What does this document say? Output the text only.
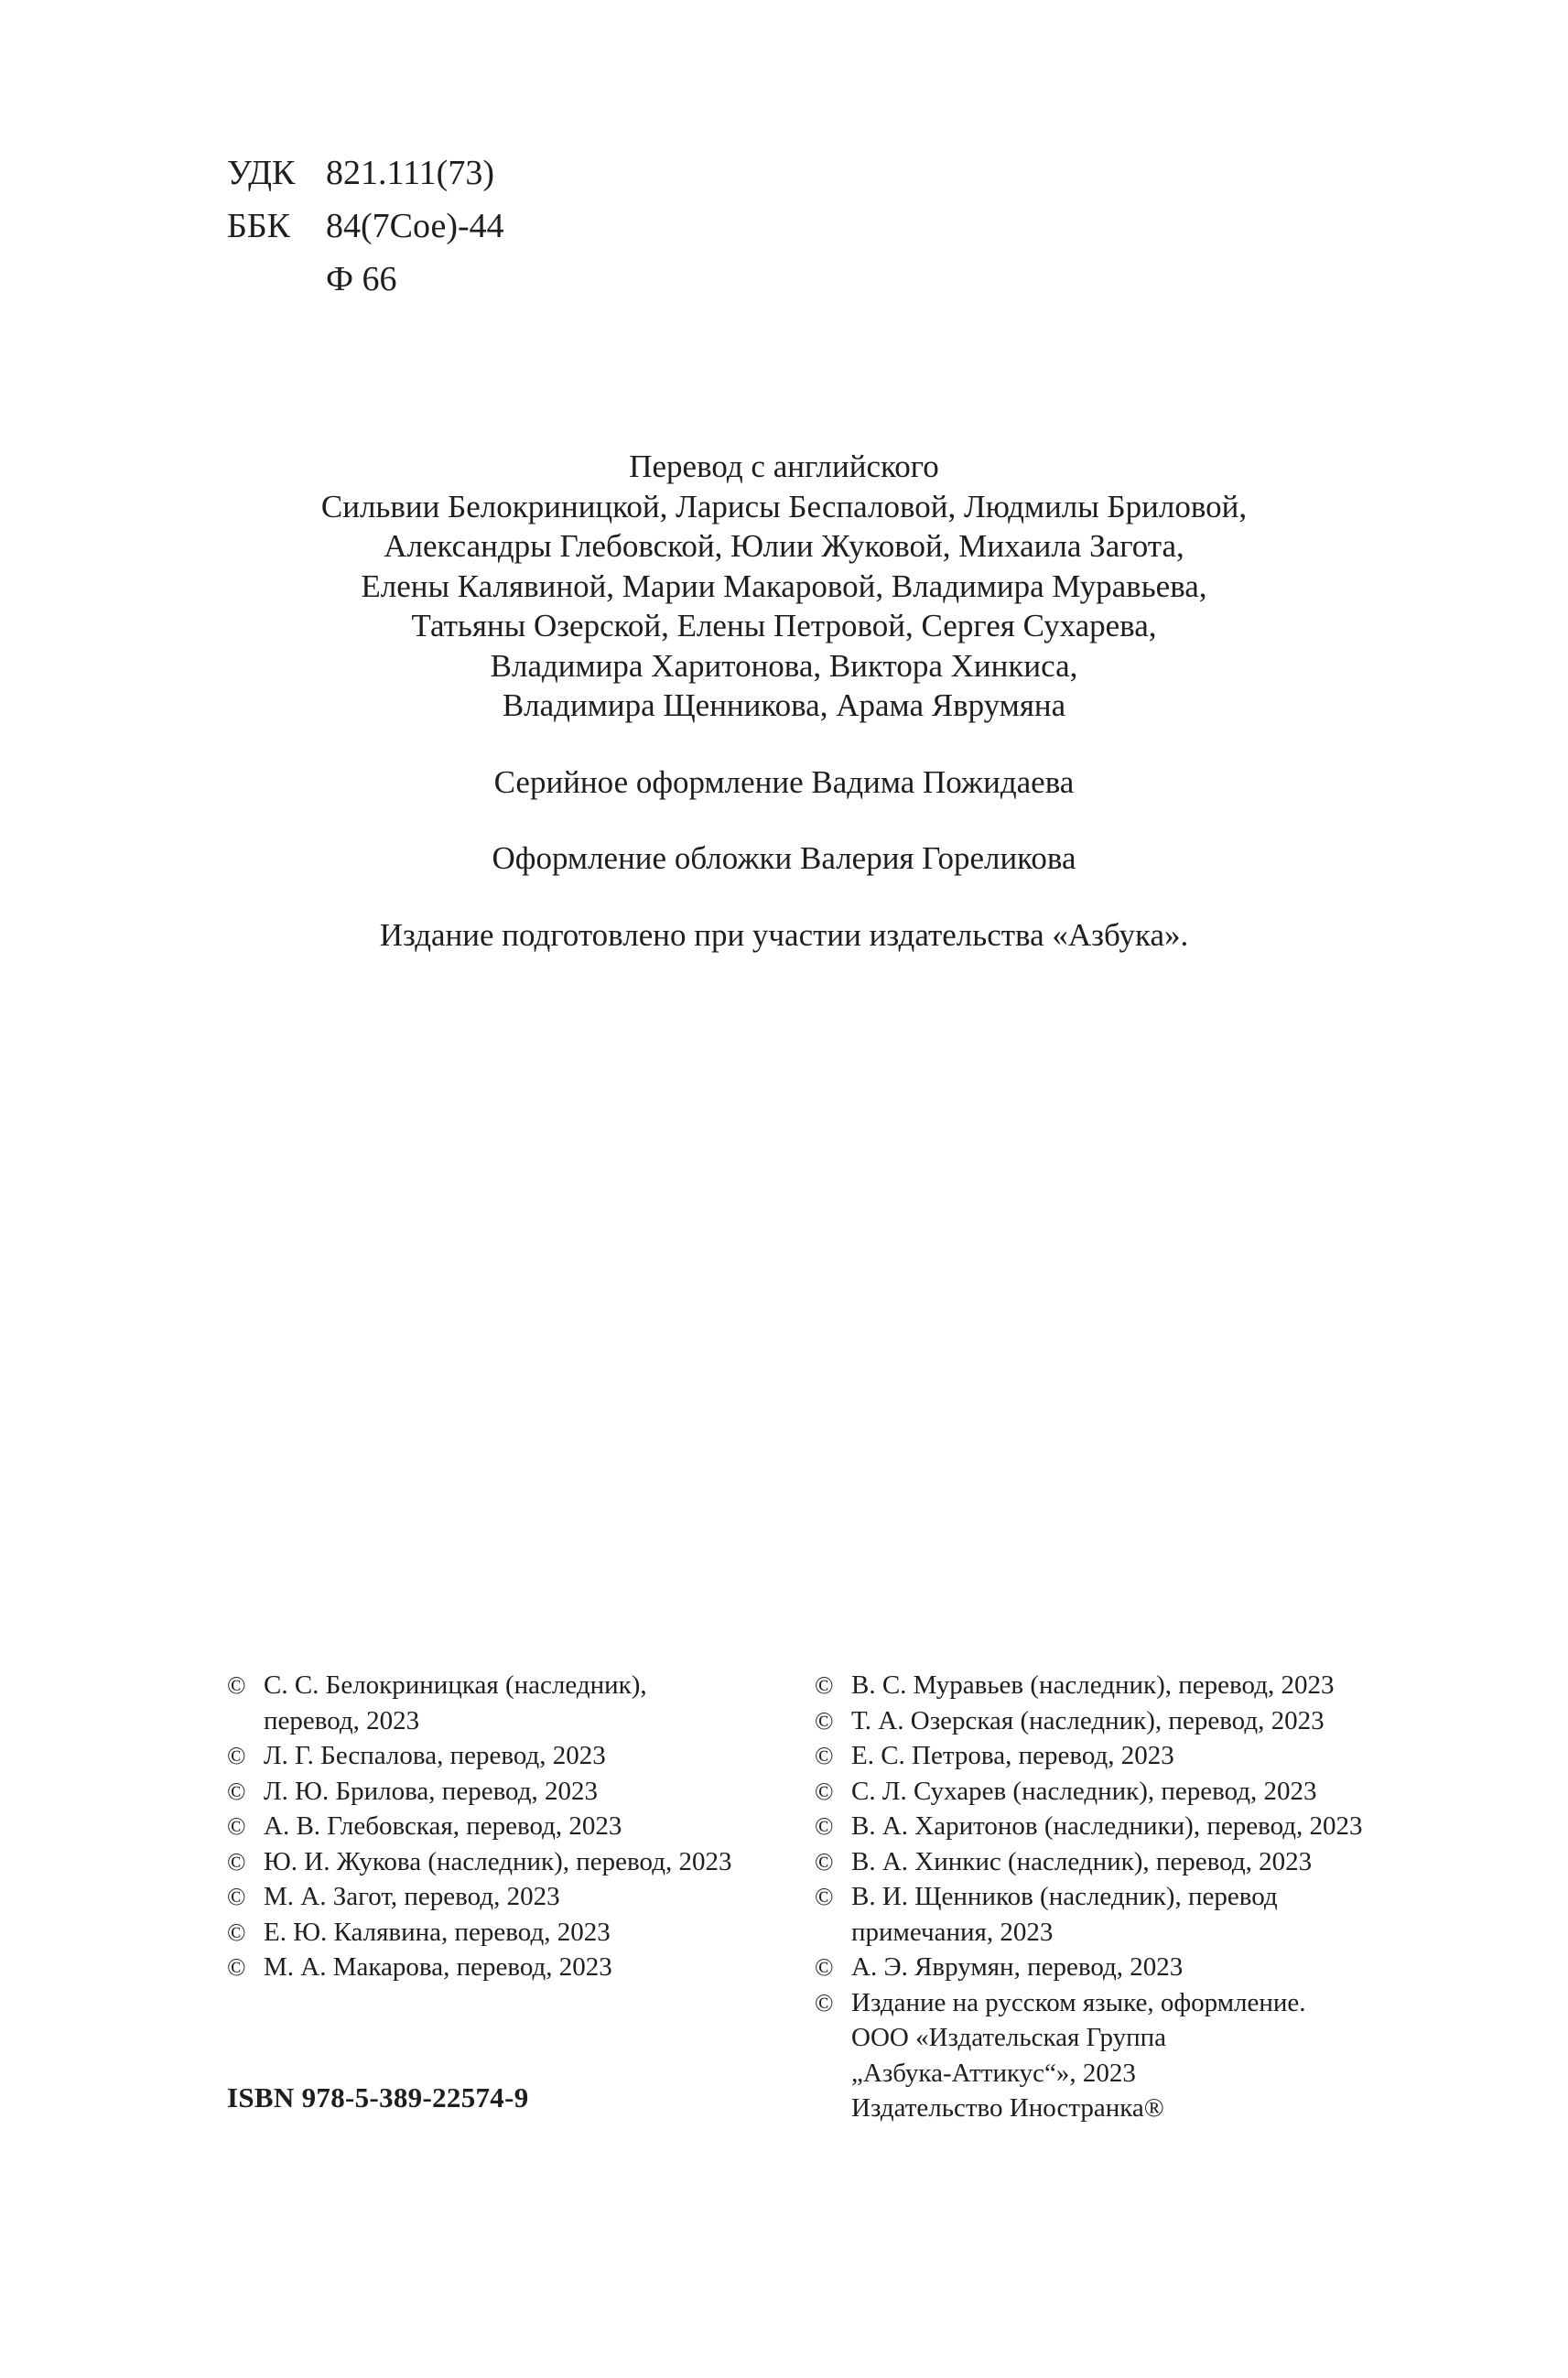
УДК 821.111(73)
ББК 84(7Сое)-44
Ф 66
Перевод с английского
Сильвии Белокриницкой, Ларисы Беспаловой, Людмилы Бриловой,
Александры Глебовской, Юлии Жуковой, Михаила Загота,
Елены Калявиной, Марии Макаровой, Владимира Муравьева,
Татьяны Озерской, Елены Петровой, Сергея Сухарева,
Владимира Харитонова, Виктора Хинкиса,
Владимира Щенникова, Арама Яврумяна
Серийное оформление Вадима Пожидаева
Оформление обложки Валерия Гореликова
Издание подготовлено при участии издательства «Азбука».
© С. С. Белокриницкая (наследник),
перевод, 2023
© Л. Г. Беспалова, перевод, 2023
© Л. Ю. Брилова, перевод, 2023
© А. В. Глебовская, перевод, 2023
© Ю. И. Жукова (наследник), перевод, 2023
© М. А. Загот, перевод, 2023
© Е. Ю. Калявина, перевод, 2023
© М. А. Макарова, перевод, 2023
© В. С. Муравьев (наследник), перевод, 2023
© Т. А. Озерская (наследник), перевод, 2023
© Е. С. Петрова, перевод, 2023
© С. Л. Сухарев (наследник), перевод, 2023
© В. А. Харитонов (наследники), перевод, 2023
© В. А. Хинкис (наследник), перевод, 2023
© В. И. Щенников (наследник), перевод
примечания, 2023
© А. Э. Яврумян, перевод, 2023
© Издание на русском языке, оформление.
ООО «Издательская Группа
„Азбука-Аттикус“», 2023
Издательство Иностранка®
ISBN 978-5-389-22574-9
